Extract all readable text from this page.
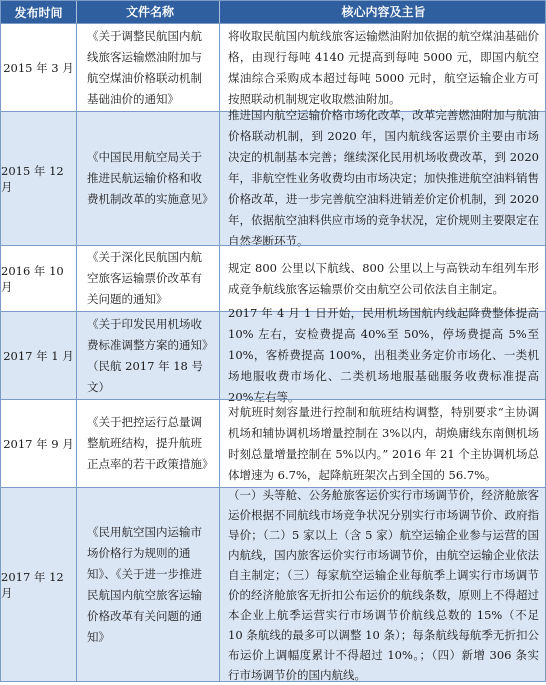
发布时间	文件名称	核心内容及主旨
2015 年 3 月
《关于调整民航国内航线旅客运输燃油附加与航空煤油价格联动机制基础油价的通知》
将收取民航国内航线旅客运输燃油附加依据的航空煤油基础价格，由现行每吨 4140 元提高到每吨 5000 元，即国内航空煤油综合采购成本超过每吨 5000 元时，航空运输企业方可按照联动机制规定收取燃油附加。
2015 年 12 月
《中国民用航空局关于推进民航运输价格和收费机制改革的实施意见》
推进国内航空运输价格市场化改革，改革完善燃油附加与航油价格联动机制，到 2020 年，国内航线客运票价主要由市场决定的机制基本完善；继续深化民用机场收费改革，到 2020 年，非航空性业务收费均由市场决定；加快推进航空油料销售价格改革，进一步完善航空油料进销差价定价机制，到 2020 年，依据航空油料供应市场的竞争状况，定价规则主要限定在自然垄断环节。
2016 年 10 月
《关于深化民航国内航空旅客运输票价改革有关问题的通知》
规定 800 公里以下航线、800 公里以上与高铁动车组列车形成竞争航线旅客运输票价交由航空公司依法自主制定。
2017 年 1 月
《关于印发民用机场收费标准调整方案的通知》（民航 2017 年 18 号文）
2017 年 4 月 1 日开始，民用机场国航内线起降费整体提高 10% 左右，安检费提高 40%至 50%，停场费提高 5%至 10%，客桥费提高 100%，出租类业务定价市场化、一类机场地服收费市场化、二类机场地服基础服务收费标准提高 20%左右等。
2017 年 9 月
《关于把控运行总量调整航班结构，提升航班正点率的若干政策措施》
对航班时刻容量进行控制和航班结构调整，特别要求“主协调机场和辅协调机场增量控制在 3%以内，胡焕庸线东南侧机场时刻总量增量控制在 5%以内。” 2016 年 21 个主协调机场总体增速为 6.7%，起降航班架次占到全国的 56.7%。
2017 年 12 月
《民用航空国内运输市场价格行为规则的通知》、《关于进一步推进民航国内航空旅客运输价格改革有关问题的通知》
（一）头等舱、公务舱旅客运价实行市场调节价，经济舱旅客运价根据不同航线市场竞争状况分别实行市场调节价、政府指导价；（二）5 家以上（含 5 家）航空运输企业参与运营的国内航线，国内旅客运价实行市场调节价，由航空运输企业依法自主制定；（三）每家航空运输企业每航季上调实行市场调节价的经济舱旅客无折扣公布运价的航线条数，原则上不得超过本企业上航季运营实行市场调节价航线总数的 15%（不足 10 条航线的最多可以调整 10 条）；每条航线每航季无折扣公布运价上调幅度累计不得超过 10%。；（四）新增 306 条实行市场调节价的国内航线。
